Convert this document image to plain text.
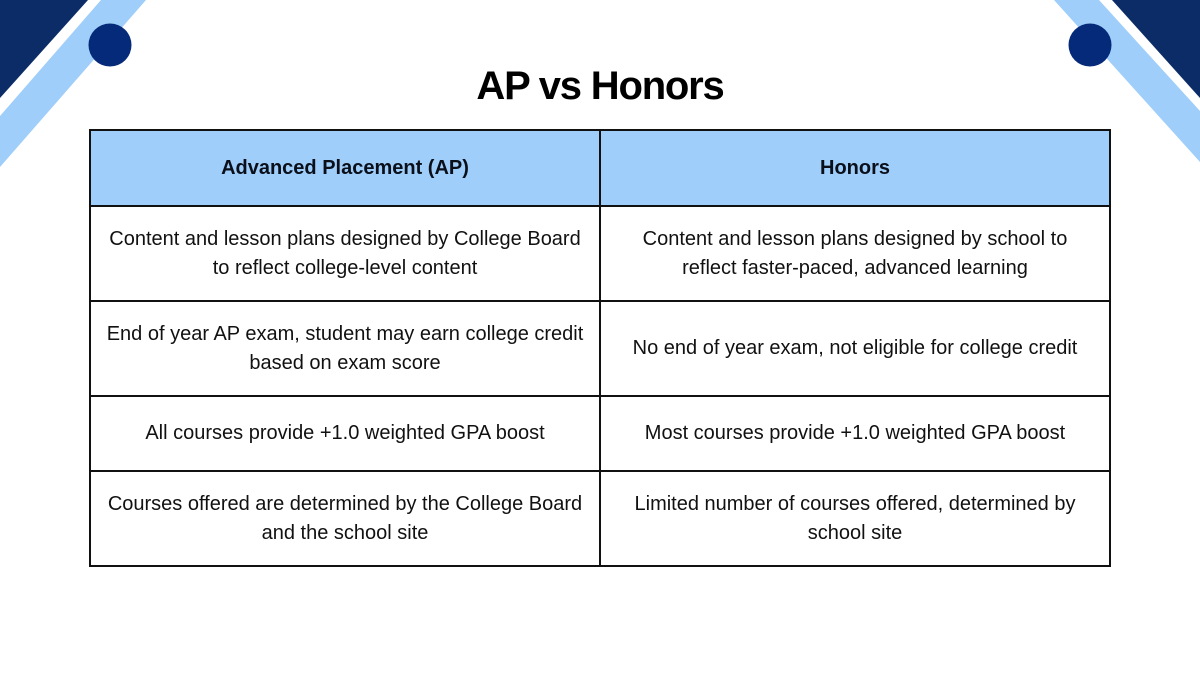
AP vs Honors
Advanced Placement (AP)	Honors
Content and lesson plans designed by College Board to reflect college-level content	Content and lesson plans designed by school to reflect faster-paced, advanced learning
End of year AP exam, student may earn college credit based on exam score	No end of year exam, not eligible for college credit
All courses provide +1.0 weighted GPA boost	Most courses provide +1.0 weighted GPA boost
Courses offered are determined by the College Board and the school site	Limited number of courses offered, determined by school site
